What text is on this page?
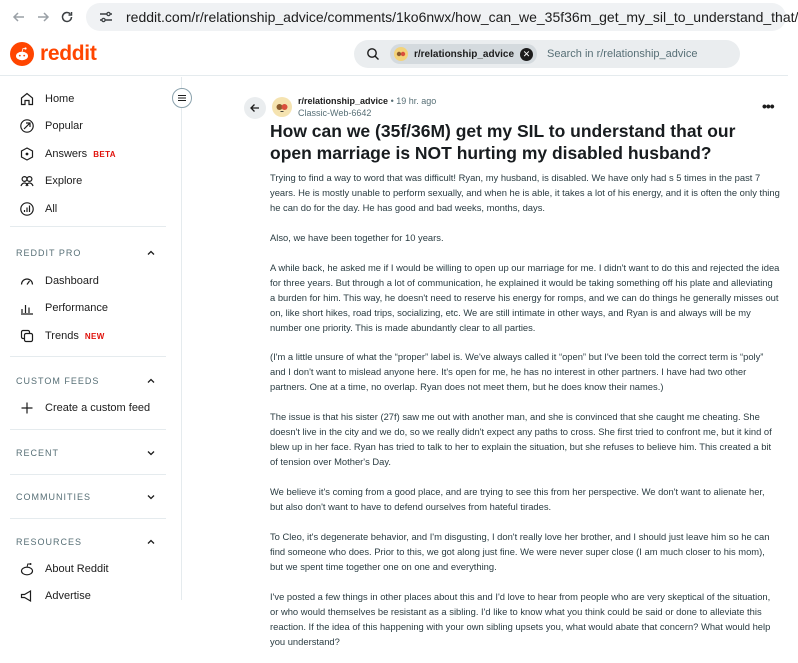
reddit.com/r/relationship_advice/comments/1ko6nwx/how_can_we_35f36m_get_my_sil_to_understand_that/
reddit	r/relationship_advice ✕ Search in r/relationship_advice
Home
Popular
Answers BETA
Explore
All
REDDIT PRO
Dashboard
Performance
Trends NEW
CUSTOM FEEDS
Create a custom feed
RECENT
COMMUNITIES
RESOURCES
About Reddit
Advertise
r/relationship_advice • 19 hr. ago
Classic-Web-6642	•••
How can we (35f/36M) get my SIL to understand that our open marriage is NOT hurting my disabled husband?

Trying to find a way to word that was difficult! Ryan, my husband, is disabled. We have only had s 5 times in the past 7 years. He is mostly unable to perform sexually, and when he is able, it takes a lot of his energy, and it is often the only thing he can do for the day. He has good and bad weeks, months, days.

Also, we have been together for 10 years.

A while back, he asked me if I would be willing to open up our marriage for me. I didn't want to do this and rejected the idea for three years. But through a lot of communication, he explained it would be taking something off his plate and alleviating a burden for him. This way, he doesn't need to reserve his energy for romps, and we can do things he generally misses out on, like short hikes, road trips, socializing, etc. We are still intimate in other ways, and Ryan is and always will be my number one priority. This is made abundantly clear to all parties.

(I'm a little unsure of what the “proper” label is. We've always called it “open” but I've been told the correct term is “poly” and I don't want to mislead anyone here. It's open for me, he has no interest in other partners. I have had two other partners. One at a time, no overlap. Ryan does not meet them, but he does know their names.)

The issue is that his sister (27f) saw me out with another man, and she is convinced that she caught me cheating. She doesn't live in the city and we do, so we really didn't expect any paths to cross. She first tried to confront me, but it kind of blew up in her face. Ryan has tried to talk to her to explain the situation, but she refuses to believe him. This created a bit of tension over Mother's Day.

We believe it's coming from a good place, and are trying to see this from her perspective. We don't want to alienate her, but also don't want to have to defend ourselves from hateful tirades.

To Cleo, it's degenerate behavior, and I'm disgusting, I don't really love her brother, and I should just leave him so he can find someone who does. Prior to this, we got along just fine. We were never super close (I am much closer to his mom), but we spent time together one on one and everything.

I've posted a few things in other places about this and I'd love to hear from people who are very skeptical of the situation, or who would themselves be resistant as a sibling. I'd like to know what you think could be said or done to alleviate this reaction. If the idea of this happening with your own sibling upsets you, what would abate that concern? What would help you understand?
